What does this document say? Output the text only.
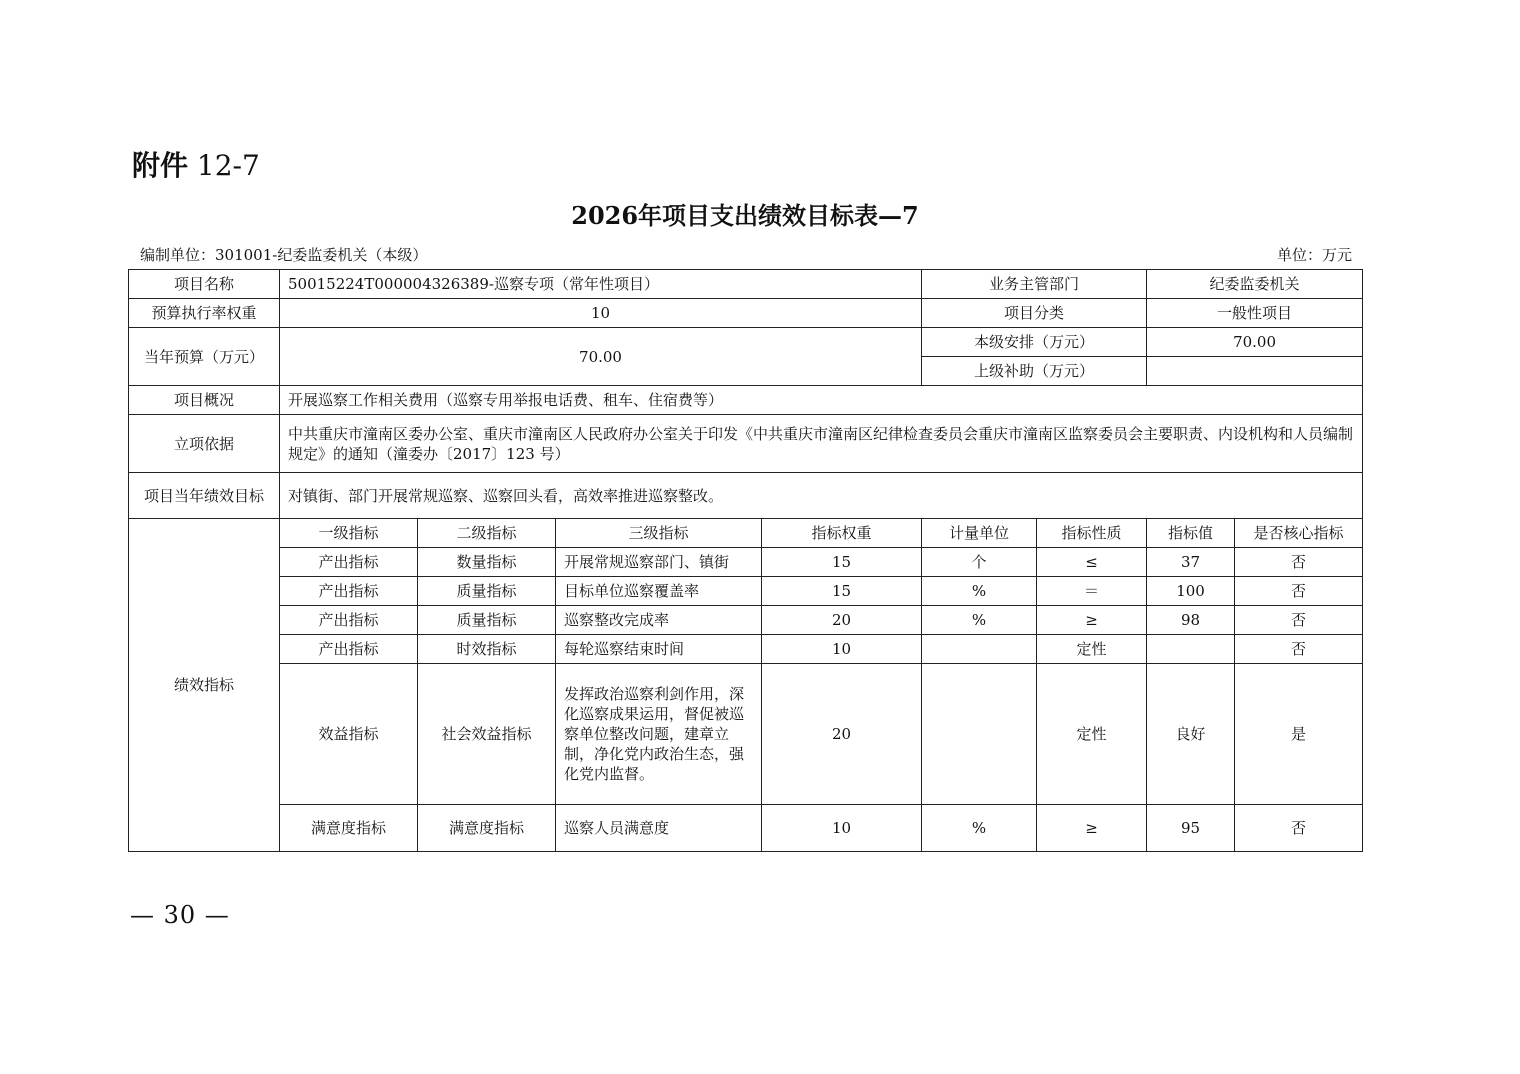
附件 12-7
2026年项目支出绩效目标表—7
编制单位：301001-纪委监委机关（本级）	单位：万元
项目名称	50015224T000004326389-巡察专项（常年性项目）				业务主管部门		纪委监委机关	
预算执行率权重	10				项目分类		一般性项目	
当年预算（万元）	70.00				本级安排（万元）		70.00	
					上级补助（万元）			
项目概况	开展巡察工作相关费用（巡察专用举报电话费、租车、住宿费等）							
立项依据	中共重庆市潼南区委办公室、重庆市潼南区人民政府办公室关于印发《中共重庆市潼南区纪律检查委员会重庆市潼南区监察委员会主要职责、内设机构和人员编制规定》的通知（潼委办〔2017〕123 号）							
项目当年绩效目标	对镇街、部门开展常规巡察、巡察回头看，高效率推进巡察整改。							
绩效指标	一级指标	二级指标	三级指标	指标权重	计量单位	指标性质	指标值	是否核心指标
	产出指标	数量指标	开展常规巡察部门、镇街	15	个	≤	37	否
	产出指标	质量指标	目标单位巡察覆盖率	15	%	＝	100	否
	产出指标	质量指标	巡察整改完成率	20	%	≥	98	否
	产出指标	时效指标	每轮巡察结束时间	10		定性		否
	效益指标	社会效益指标	发挥政治巡察利剑作用，深化巡察成果运用，督促被巡察单位整改问题，建章立制，净化党内政治生态，强化党内监督。	20		定性	良好	是
	满意度指标	满意度指标	巡察人员满意度	10	%	≥	95	否
— 30 —
